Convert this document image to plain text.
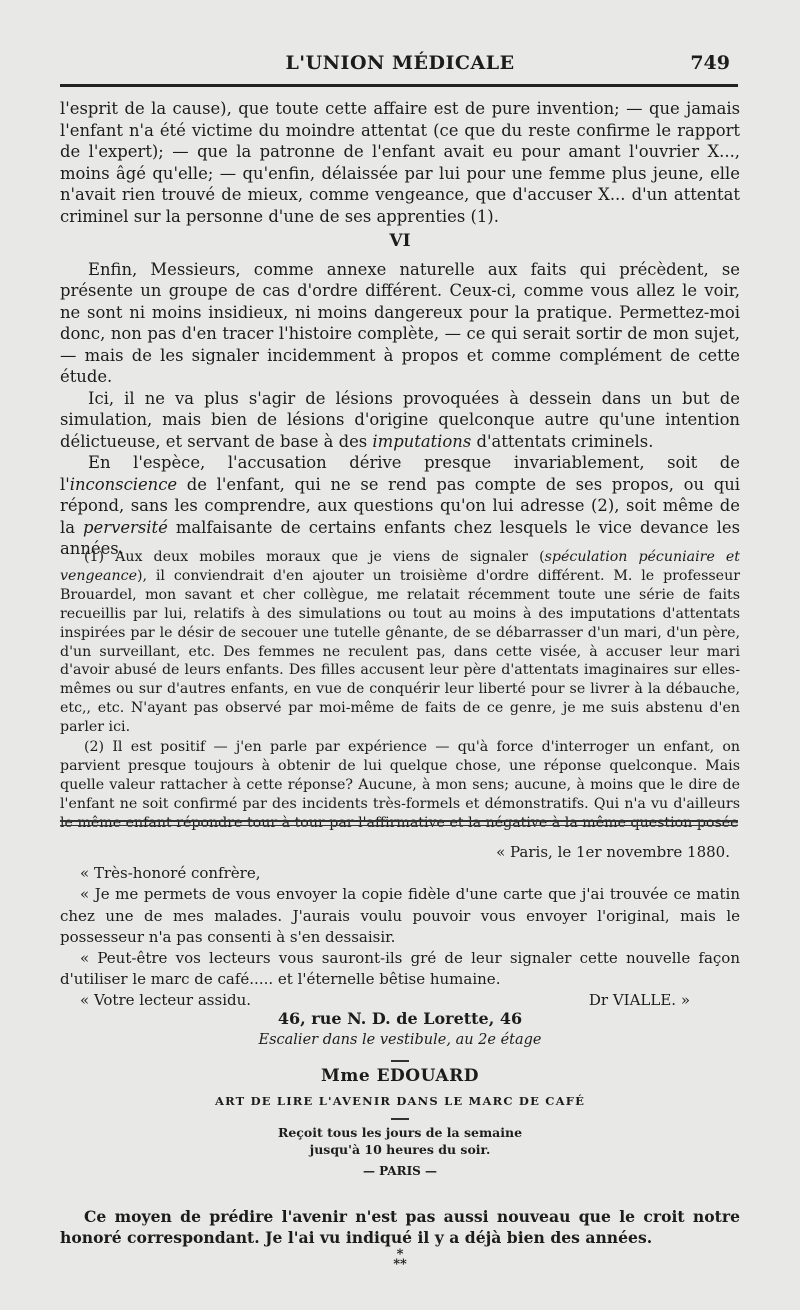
L'UNION MÉDICALE	749

l'esprit de la cause), que toute cette affaire est de pure invention; — que jamais l'enfant n'a été victime du moindre attentat (ce que du reste confirme le rapport de l'expert); — que la patronne de l'enfant avait eu pour amant l'ouvrier X..., moins âgé qu'elle; — qu'enfin, délaissée par lui pour une femme plus jeune, elle n'avait rien trouvé de mieux, comme vengeance, que d'accuser X... d'un attentat criminel sur la personne d'une de ses apprenties (1).

VI

Enfin, Messieurs, comme annexe naturelle aux faits qui précèdent, se présente un groupe de cas d'ordre différent. Ceux-ci, comme vous allez le voir, ne sont ni moins insidieux, ni moins dangereux pour la pratique. Permettez-moi donc, non pas d'en tracer l'histoire complète, — ce qui serait sortir de mon sujet, — mais de les signaler incidemment à propos et comme complément de cette étude.

Ici, il ne va plus s'agir de lésions provoquées à dessein dans un but de simulation, mais bien de lésions d'origine quelconque autre qu'une intention délictueuse, et servant de base à des imputations d'attentats criminels.

En l'espèce, l'accusation dérive presque invariablement, soit de l'inconscience de l'enfant, qui ne se rend pas compte de ses propos, ou qui répond, sans les comprendre, aux questions qu'on lui adresse (2), soit même de la perversité malfaisante de certains enfants chez lesquels le vice devance les années.

(1) Aux deux mobiles moraux que je viens de signaler (spéculation pécuniaire et vengeance), il conviendrait d'en ajouter un troisième d'ordre différent. M. le professeur Brouardel, mon savant et cher collègue, me relatait récemment toute une série de faits recueillis par lui, relatifs à des simulations ou tout au moins à des imputations d'attentats inspirées par le désir de secouer une tutelle gênante, de se débarrasser d'un mari, d'un père, d'un surveillant, etc. Des femmes ne reculent pas, dans cette visée, à accuser leur mari d'avoir abusé de leurs enfants. Des filles accusent leur père d'attentats imaginaires sur elles-mêmes ou sur d'autres enfants, en vue de conquérir leur liberté pour se livrer à la débauche, etc,, etc. N'ayant pas observé par moi-même de faits de ce genre, je me suis abstenu d'en parler ici.

(2) Il est positif — j'en parle par expérience — qu'à force d'interroger un enfant, on parvient presque toujours à obtenir de lui quelque chose, une réponse quelconque. Mais quelle valeur rattacher à cette réponse? Aucune, à mon sens; aucune, à moins que le dire de l'enfant ne soit confirmé par des incidents très-formels et démonstratifs. Qui n'a vu d'ailleurs le même enfant répondre tour à tour par l'affirmative et la négative à la même question posée

« Paris, le 1er novembre 1880.

« Très-honoré confrère,

« Je me permets de vous envoyer la copie fidèle d'une carte que j'ai trouvée ce matin chez une de mes malades. J'aurais voulu pouvoir vous envoyer l'original, mais le possesseur n'a pas consenti à s'en dessaisir.

« Peut-être vos lecteurs vous sauront-ils gré de leur signaler cette nouvelle façon d'utiliser le marc de café..... et l'éternelle bêtise humaine.

« Votre lecteur assidu.	Dr VIALLE. »

46, rue N. D. de Lorette, 46

Escalier dans le vestibule, au 2e étage

Mme EDOUARD

ART DE LIRE L'AVENIR DANS LE MARC DE CAFÉ

Reçoit tous les jours de la semaine
jusqu'à 10 heures du soir.

— PARIS —

Ce moyen de prédire l'avenir n'est pas aussi nouveau que le croit notre honoré correspondant. Je l'ai vu indiqué il y a déjà bien des années.

*
**
